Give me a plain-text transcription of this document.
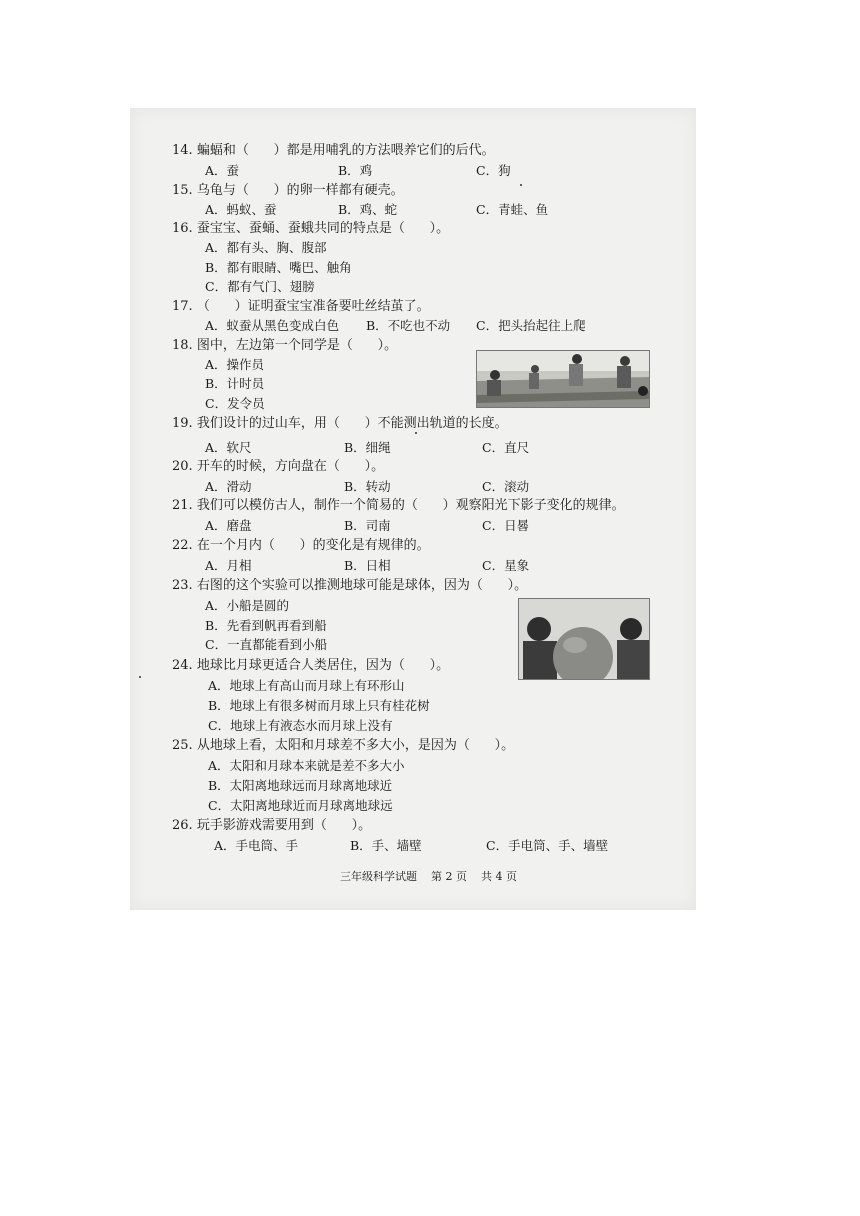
14. 蝙蝠和（      ）都是用哺乳的方法喂养它们的后代。
A．蚕	B．鸡	C．狗
15. 乌龟与（      ）的卵一样都有硬壳。
A．蚂蚁、蚕	B．鸡、蛇	C．青蛙、鱼
16. 蚕宝宝、蚕蛹、蚕蛾共同的特点是（      ）。
A．都有头、胸、腹部
B．都有眼睛、嘴巴、触角
C．都有气门、翅膀
17. （      ）证明蚕宝宝准备要吐丝结茧了。
A．蚁蚕从黑色变成白色 B．不吃也不动 C．把头抬起往上爬
18. 图中，左边第一个同学是（      ）。
A．操作员
B．计时员
C．发令员
19. 我们设计的过山车，用（      ）不能测出轨道的长度。
A．软尺	B．细绳	C．直尺
20. 开车的时候，方向盘在（      ）。
A．滑动	B．转动	C．滚动
21. 我们可以模仿古人，制作一个简易的（      ）观察阳光下影子变化的规律。
A．磨盘	B．司南	C．日晷
22. 在一个月内（      ）的变化是有规律的。
A．月相	B．日相	C．星象
23. 右图的这个实验可以推测地球可能是球体，因为（      ）。
A．小船是圆的
B．先看到帆再看到船
C．一直都能看到小船
24. 地球比月球更适合人类居住，因为（      ）。
A．地球上有高山而月球上有环形山
B．地球上有很多树而月球上只有桂花树
C．地球上有液态水而月球上没有
25. 从地球上看，太阳和月球差不多大小，是因为（      ）。
A．太阳和月球本来就是差不多大小
B．太阳离地球远而月球离地球近
C．太阳离地球近而月球离地球远
26. 玩手影游戏需要用到（      ）。
A．手电筒、手	B．手、墙壁	C．手电筒、手、墙壁
三年级科学试题    第 2 页    共 4 页
